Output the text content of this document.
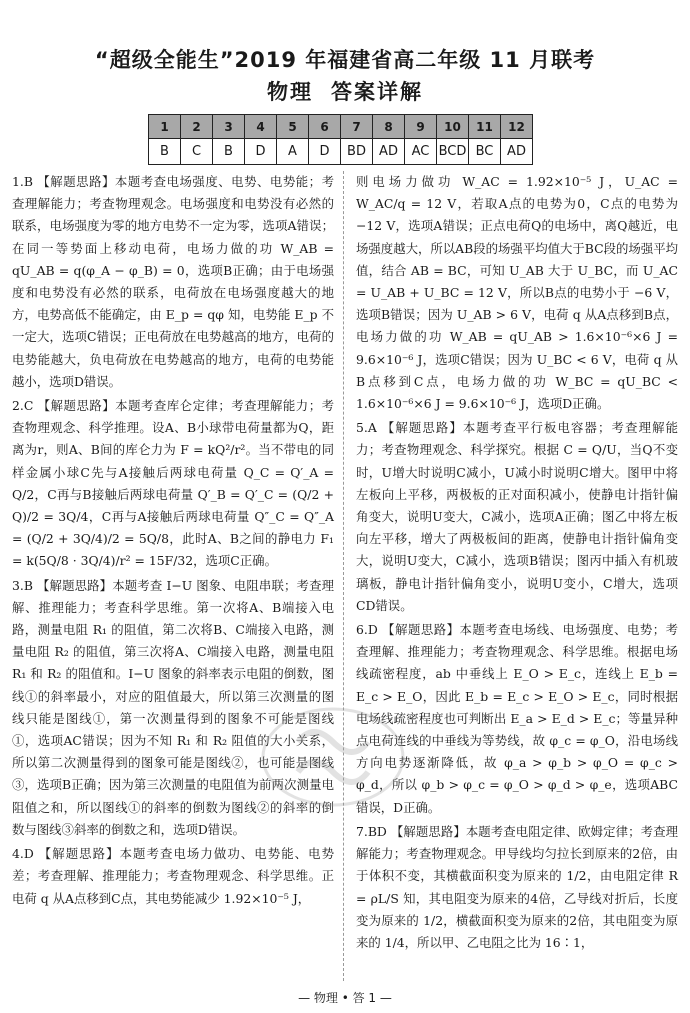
“超级全能生”2019 年福建省高二年级 11 月联考
物理 答案详解
1	2	3	4	5	6	7	8	9	10	11	12
B	C	B	D	A	D	BD	AD	AC	BCD	BC	AD

1.B 【解题思路】本题考查电场强度、电势、电势能；考查理解能力；考查物理观念。电场强度和电势没有必然的联系，电场强度为零的地方电势不一定为零，选项A错误；在同一等势面上移动电荷，电场力做的功 W_AB = qU_AB = q(φ_A − φ_B) = 0，选项B正确；由于电场强度和电势没有必然的联系，电荷放在电场强度越大的地方，电势高低不能确定，由 E_p = qφ 知，电势能 E_p 不一定大，选项C错误；正电荷放在电势越高的地方，电荷的电势能越大，负电荷放在电势越高的地方，电荷的电势能越小，选项D错误。

2.C 【解题思路】本题考查库仑定律；考查理解能力；考查物理观念、科学推理。设A、B小球带电荷量都为Q，距离为r，则A、B间的库仑力为 F = kQ²/r²。当不带电的同样金属小球C先与A接触后两球电荷量 Q_C = Q′_A = Q/2，C再与B接触后两球电荷量 Q′_B = Q′_C = (Q/2 + Q)/2 = 3Q/4，C再与A接触后两球电荷量 Q″_C = Q″_A = (Q/2 + 3Q/4)/2 = 5Q/8，此时A、B之间的静电力 F₁ = k(5Q/8 · 3Q/4)/r² = 15F/32，选项C正确。

3.B 【解题思路】本题考查 I−U 图象、电阻串联；考查理解、推理能力；考查科学思维。第一次将A、B端接入电路，测量电阻 R₁ 的阻值，第二次将B、C端接入电路，测量电阻 R₂ 的阻值，第三次将A、C端接入电路，测量电阻 R₁ 和 R₂ 的阻值和。I−U 图象的斜率表示电阻的倒数，图线①的斜率最小，对应的阻值最大，所以第三次测量的图线只能是图线①，第一次测量得到的图象不可能是图线①，选项AC错误；因为不知 R₁ 和 R₂ 阻值的大小关系，所以第二次测量得到的图象可能是图线②，也可能是图线③，选项B正确；因为第三次测量的电阻值为前两次测量电阻值之和，所以图线①的斜率的倒数为图线②的斜率的倒数与图线③斜率的倒数之和，选项D错误。

4.D 【解题思路】本题考查电场力做功、电势能、电势差；考查理解、推理能力；考查物理观念、科学思维。正电荷 q 从A点移到C点，其电势能减少 1.92×10⁻⁵ J，

则电场力做功 W_AC = 1.92×10⁻⁵ J，U_AC = W_AC/q = 12 V，若取A点的电势为0，C点的电势为 −12 V，选项A错误；正点电荷Q的电场中，离Q越近，电场强度越大，所以AB段的场强平均值大于BC段的场强平均值，结合 AB = BC，可知 U_AB 大于 U_BC，而 U_AC = U_AB + U_BC = 12 V，所以B点的电势小于 −6 V，选项B错误；因为 U_AB > 6 V，电荷 q 从A点移到B点，电场力做的功 W_AB = qU_AB > 1.6×10⁻⁶×6 J = 9.6×10⁻⁶ J，选项C错误；因为 U_BC < 6 V，电荷 q 从B点移到C点，电场力做的功 W_BC = qU_BC < 1.6×10⁻⁶×6 J = 9.6×10⁻⁶ J，选项D正确。

5.A 【解题思路】本题考查平行板电容器；考查理解能力；考查物理观念、科学探究。根据 C = Q/U，当Q不变时，U增大时说明C减小，U减小时说明C增大。图甲中将左板向上平移，两极板的正对面积减小，使静电计指针偏角变大，说明U变大，C减小，选项A正确；图乙中将左板向左平移，增大了两极板间的距离，使静电计指针偏角变大，说明U变大，C减小，选项B错误；图丙中插入有机玻璃板，静电计指针偏角变小，说明U变小，C增大，选项CD错误。

6.D 【解题思路】本题考查电场线、电场强度、电势；考查理解、推理能力；考查物理观念、科学思维。根据电场线疏密程度，ab 中垂线上 E_O > E_c，连线上 E_b = E_c > E_O，因此 E_b = E_c > E_O > E_c，同时根据电场线疏密程度也可判断出 E_a > E_d > E_c；等量异种点电荷连线的中垂线为等势线，故 φ_c = φ_O，沿电场线方向电势逐渐降低，故 φ_a > φ_b > φ_O = φ_c > φ_d，所以 φ_b > φ_c = φ_O > φ_d > φ_e，选项ABC错误，D正确。

7.BD 【解题思路】本题考查电阻定律、欧姆定律；考查理解能力；考查物理观念。甲导线均匀拉长到原来的2倍，由于体积不变，其横截面积变为原来的 1/2，由电阻定律 R = ρL/S 知，其电阻变为原来的4倍，乙导线对折后，长度变为原来的 1/2，横截面积变为原来的2倍，其电阻变为原来的 1/4，所以甲、乙电阻之比为 16∶1，

— 物理 • 答 1 —
